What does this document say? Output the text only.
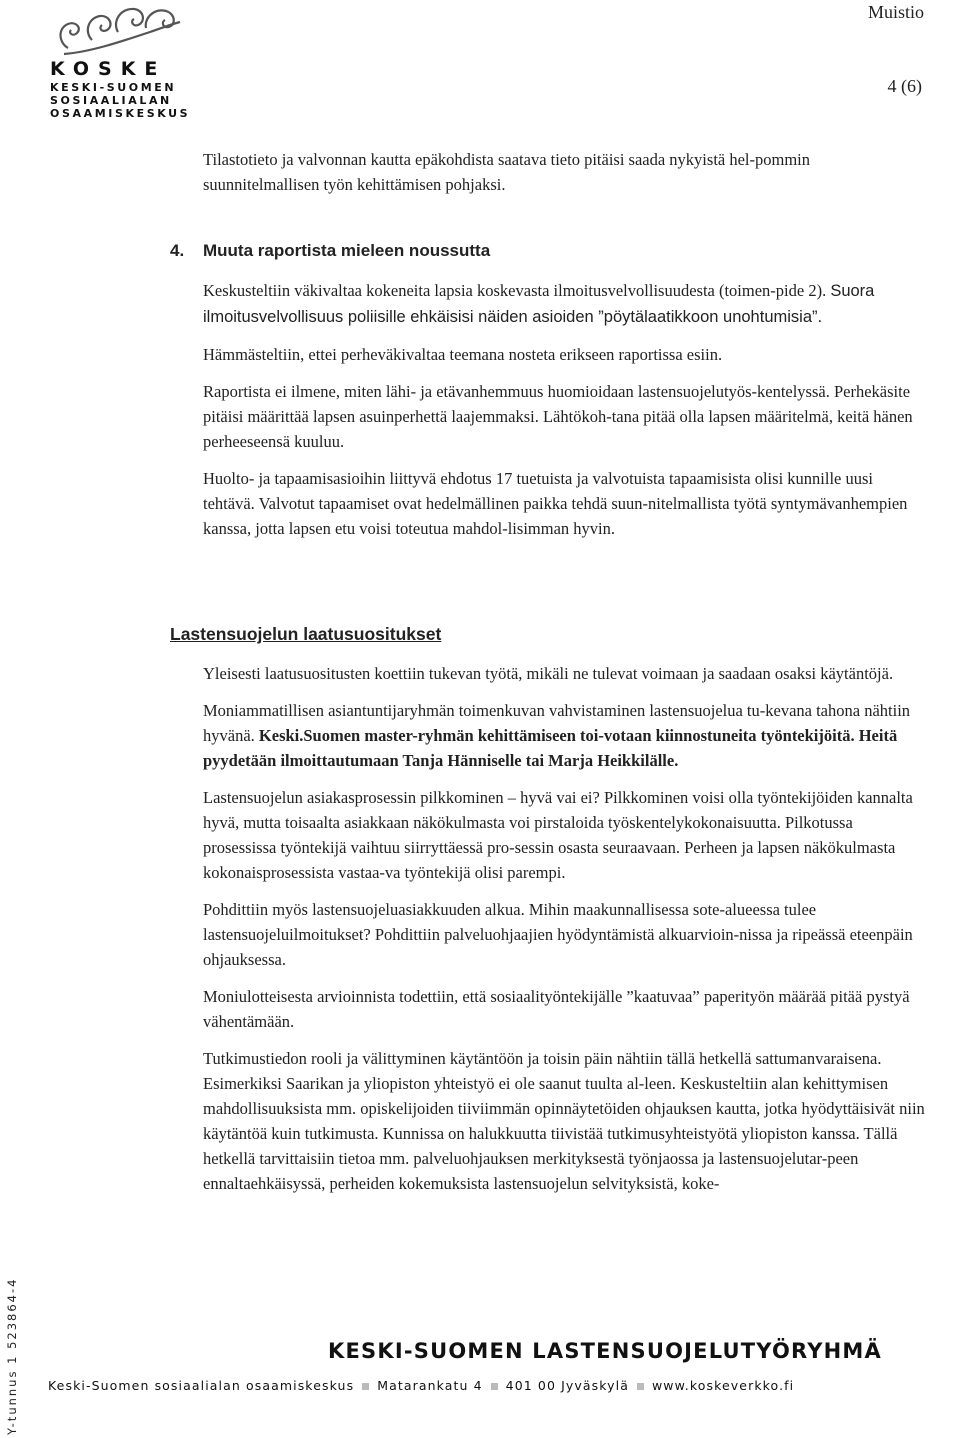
KOSKE
KESKI-SUOMEN
SOSIAALIALAN
OSAAMISKESKUS
Muistio
4 (6)

Tilastotieto ja valvonnan kautta epäkohdista saatava tieto pitäisi saada nykyistä hel-pommin suunnitelmallisen työn kehittämisen pohjaksi.

4. Muuta raportista mieleen noussutta

Keskusteltiin väkivaltaa kokeneita lapsia koskevasta ilmoitusvelvollisuudesta (toimen-pide 2). Suora ilmoitusvelvollisuus poliisille ehkäisisi näiden asioiden ”pöytälaatikkoon unohtumisia”.

Hämmästeltiin, ettei perheväkivaltaa teemana nosteta erikseen raportissa esiin.

Raportista ei ilmene, miten lähi- ja etävanhemmuus huomioidaan lastensuojelutyös-kentelyssä. Perhekäsite pitäisi määrittää lapsen asuinperhettä laajemmaksi. Lähtökoh-tana pitää olla lapsen määritelmä, keitä hänen perheeseensä kuuluu.

Huolto- ja tapaamisasioihin liittyvä ehdotus 17 tuetuista ja valvotuista tapaamisista olisi kunnille uusi tehtävä. Valvotut tapaamiset ovat hedelmällinen paikka tehdä suun-nitelmallista työtä syntymävanhempien kanssa, jotta lapsen etu voisi toteutua mahdol-lisimman hyvin.

Lastensuojelun laatusuositukset

Yleisesti laatusuositusten koettiin tukevan työtä, mikäli ne tulevat voimaan ja saadaan osaksi käytäntöjä.

Moniammatillisen asiantuntijaryhmän toimenkuvan vahvistaminen lastensuojelua tu-kevana tahona nähtiin hyvänä. Keski.Suomen master-ryhmän kehittämiseen toi-votaan kiinnostuneita työntekijöitä. Heitä pyydetään ilmoittautumaan Tanja Hänniselle tai Marja Heikkilälle.

Lastensuojelun asiakasprosessin pilkkominen – hyvä vai ei? Pilkkominen voisi olla työntekijöiden kannalta hyvä, mutta toisaalta asiakkaan näkökulmasta voi pirstaloida työskentelykokonaisuutta. Pilkotussa prosessissa työntekijä vaihtuu siirryttäessä pro-sessin osasta seuraavaan. Perheen ja lapsen näkökulmasta kokonaisprosessista vastaa-va työntekijä olisi parempi.

Pohdittiin myös lastensuojeluasiakkuuden alkua. Mihin maakunnallisessa sote-alueessa tulee lastensuojeluilmoitukset? Pohdittiin palveluohjaajien hyödyntämistä alkuarvioin-nissa ja ripeässä eteenpäin ohjauksessa.

Moniulotteisesta arvioinnista todettiin, että sosiaalityöntekijälle ”kaatuvaa” paperityön määrää pitää pystyä vähentämään.

Tutkimustiedon rooli ja välittyminen käytäntöön ja toisin päin nähtiin tällä hetkellä sattumanvaraisena. Esimerkiksi Saarikan ja yliopiston yhteistyö ei ole saanut tuulta al-leen. Keskusteltiin alan kehittymisen mahdollisuuksista mm. opiskelijoiden tiiviimmän opinnäytetöiden ohjauksen kautta, jotka hyödyttäisivät niin käytäntöä kuin tutkimusta. Kunnissa on halukkuutta tiivistää tutkimusyhteistyötä yliopiston kanssa. Tällä hetkellä tarvittaisiin tietoa mm. palveluohjauksen merkityksestä työnjaossa ja lastensuojelutar-peen ennaltaehkäisyssä, perheiden kokemuksista lastensuojelun selvityksistä, koke-

Y-tunnus 1 523864-4	KESKI-SUOMEN LASTENSUOJELUTYÖRYHMÄ
Keski-Suomen sosiaalialan osaamiskeskus Matarankatu 4 401 00 Jyväskylä www.koskeverkko.fi
